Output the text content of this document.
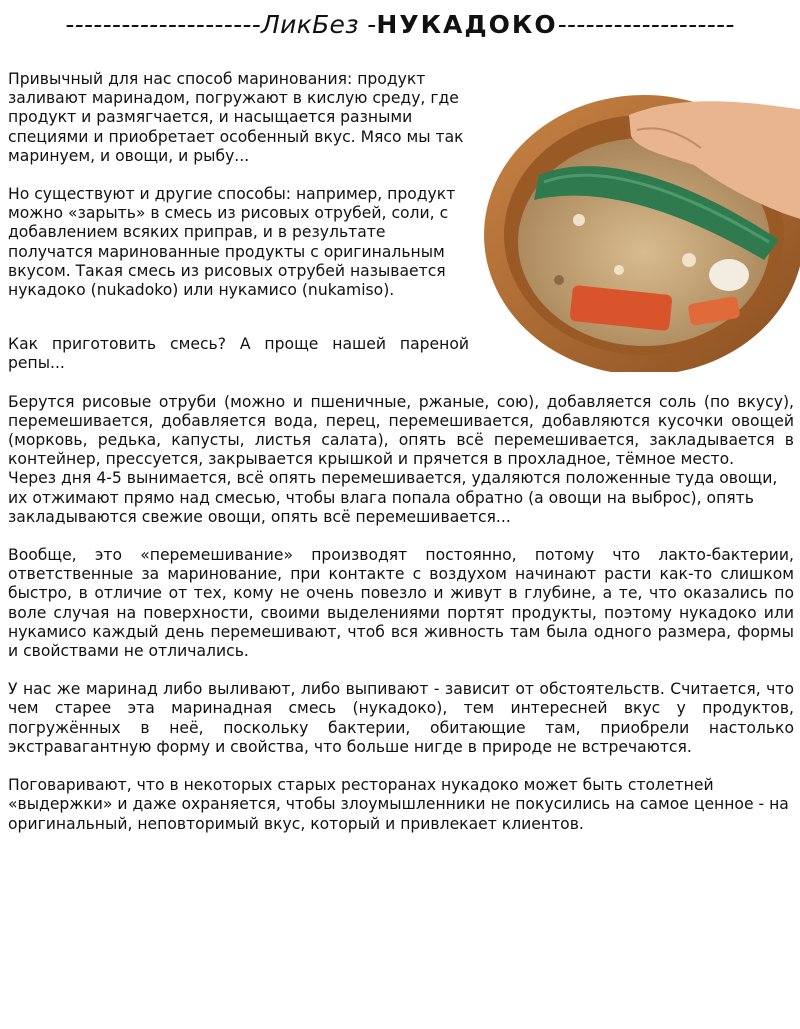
--------------------- ЛикБез - НУКАДОКО -------------------

Привычный для нас способ маринования: продукт заливают маринадом, погружают в кислую среду, где продукт и размягчается, и насыщается разными специями и приобретает особенный вкус. Мясо мы так маринуем, и овощи, и рыбу...

Но существуют и другие способы: например, продукт можно «зарыть» в смесь из рисовых отрубей, соли, с добавлением всяких приправ, и в результате получатся маринованные продукты с оригинальным вкусом. Такая смесь из рисовых отрубей называется нукадоко (nukadoko) или нукамисо (nukamiso).

Как приготовить смесь? А проще нашей пареной репы...

Берутся рисовые отруби (можно и пшеничные, ржаные, сою), добавляется соль (по вкусу), перемешивается, добавляется вода, перец, перемешивается, добавляются кусочки овощей (морковь, редька, капусты, листья салата), опять всё перемешивается, закладывается в контейнер, прессуется, закрывается крышкой и прячется в прохладное, тёмное место.

Через дня 4-5 вынимается, всё опять перемешивается, удаляются положенные туда овощи, их отжимают прямо над смесью, чтобы влага попала обратно (а овощи на выброс), опять закладываются свежие овощи, опять всё перемешивается...

Вообще, это «перемешивание» производят постоянно, потому что лакто-бактерии, ответственные за маринование, при контакте с воздухом начинают расти как-то слишком быстро, в отличие от тех, кому не очень повезло и живут в глубине, а те, что оказались по воле случая на поверхности, своими выделениями портят продукты, поэтому нукадоко или нукамисо каждый день перемешивают, чтоб вся живность там была одного размера, формы и свойствами не отличались.

У нас же маринад либо выливают, либо выпивают - зависит от обстоятельств. Считается, что чем старее эта маринадная смесь (нукадоко), тем интересней вкус у продуктов, погружённых в неё, поскольку бактерии, обитающие там, приобрели настолько экстравагантную форму и свойства, что больше нигде в природе не встречаются.

Поговаривают, что в некоторых старых ресторанах нукадоко может быть столетней «выдержки» и даже охраняется, чтобы злоумышленники не покусились на самое ценное - на оригинальный, неповторимый вкус, который и привлекает клиентов.
